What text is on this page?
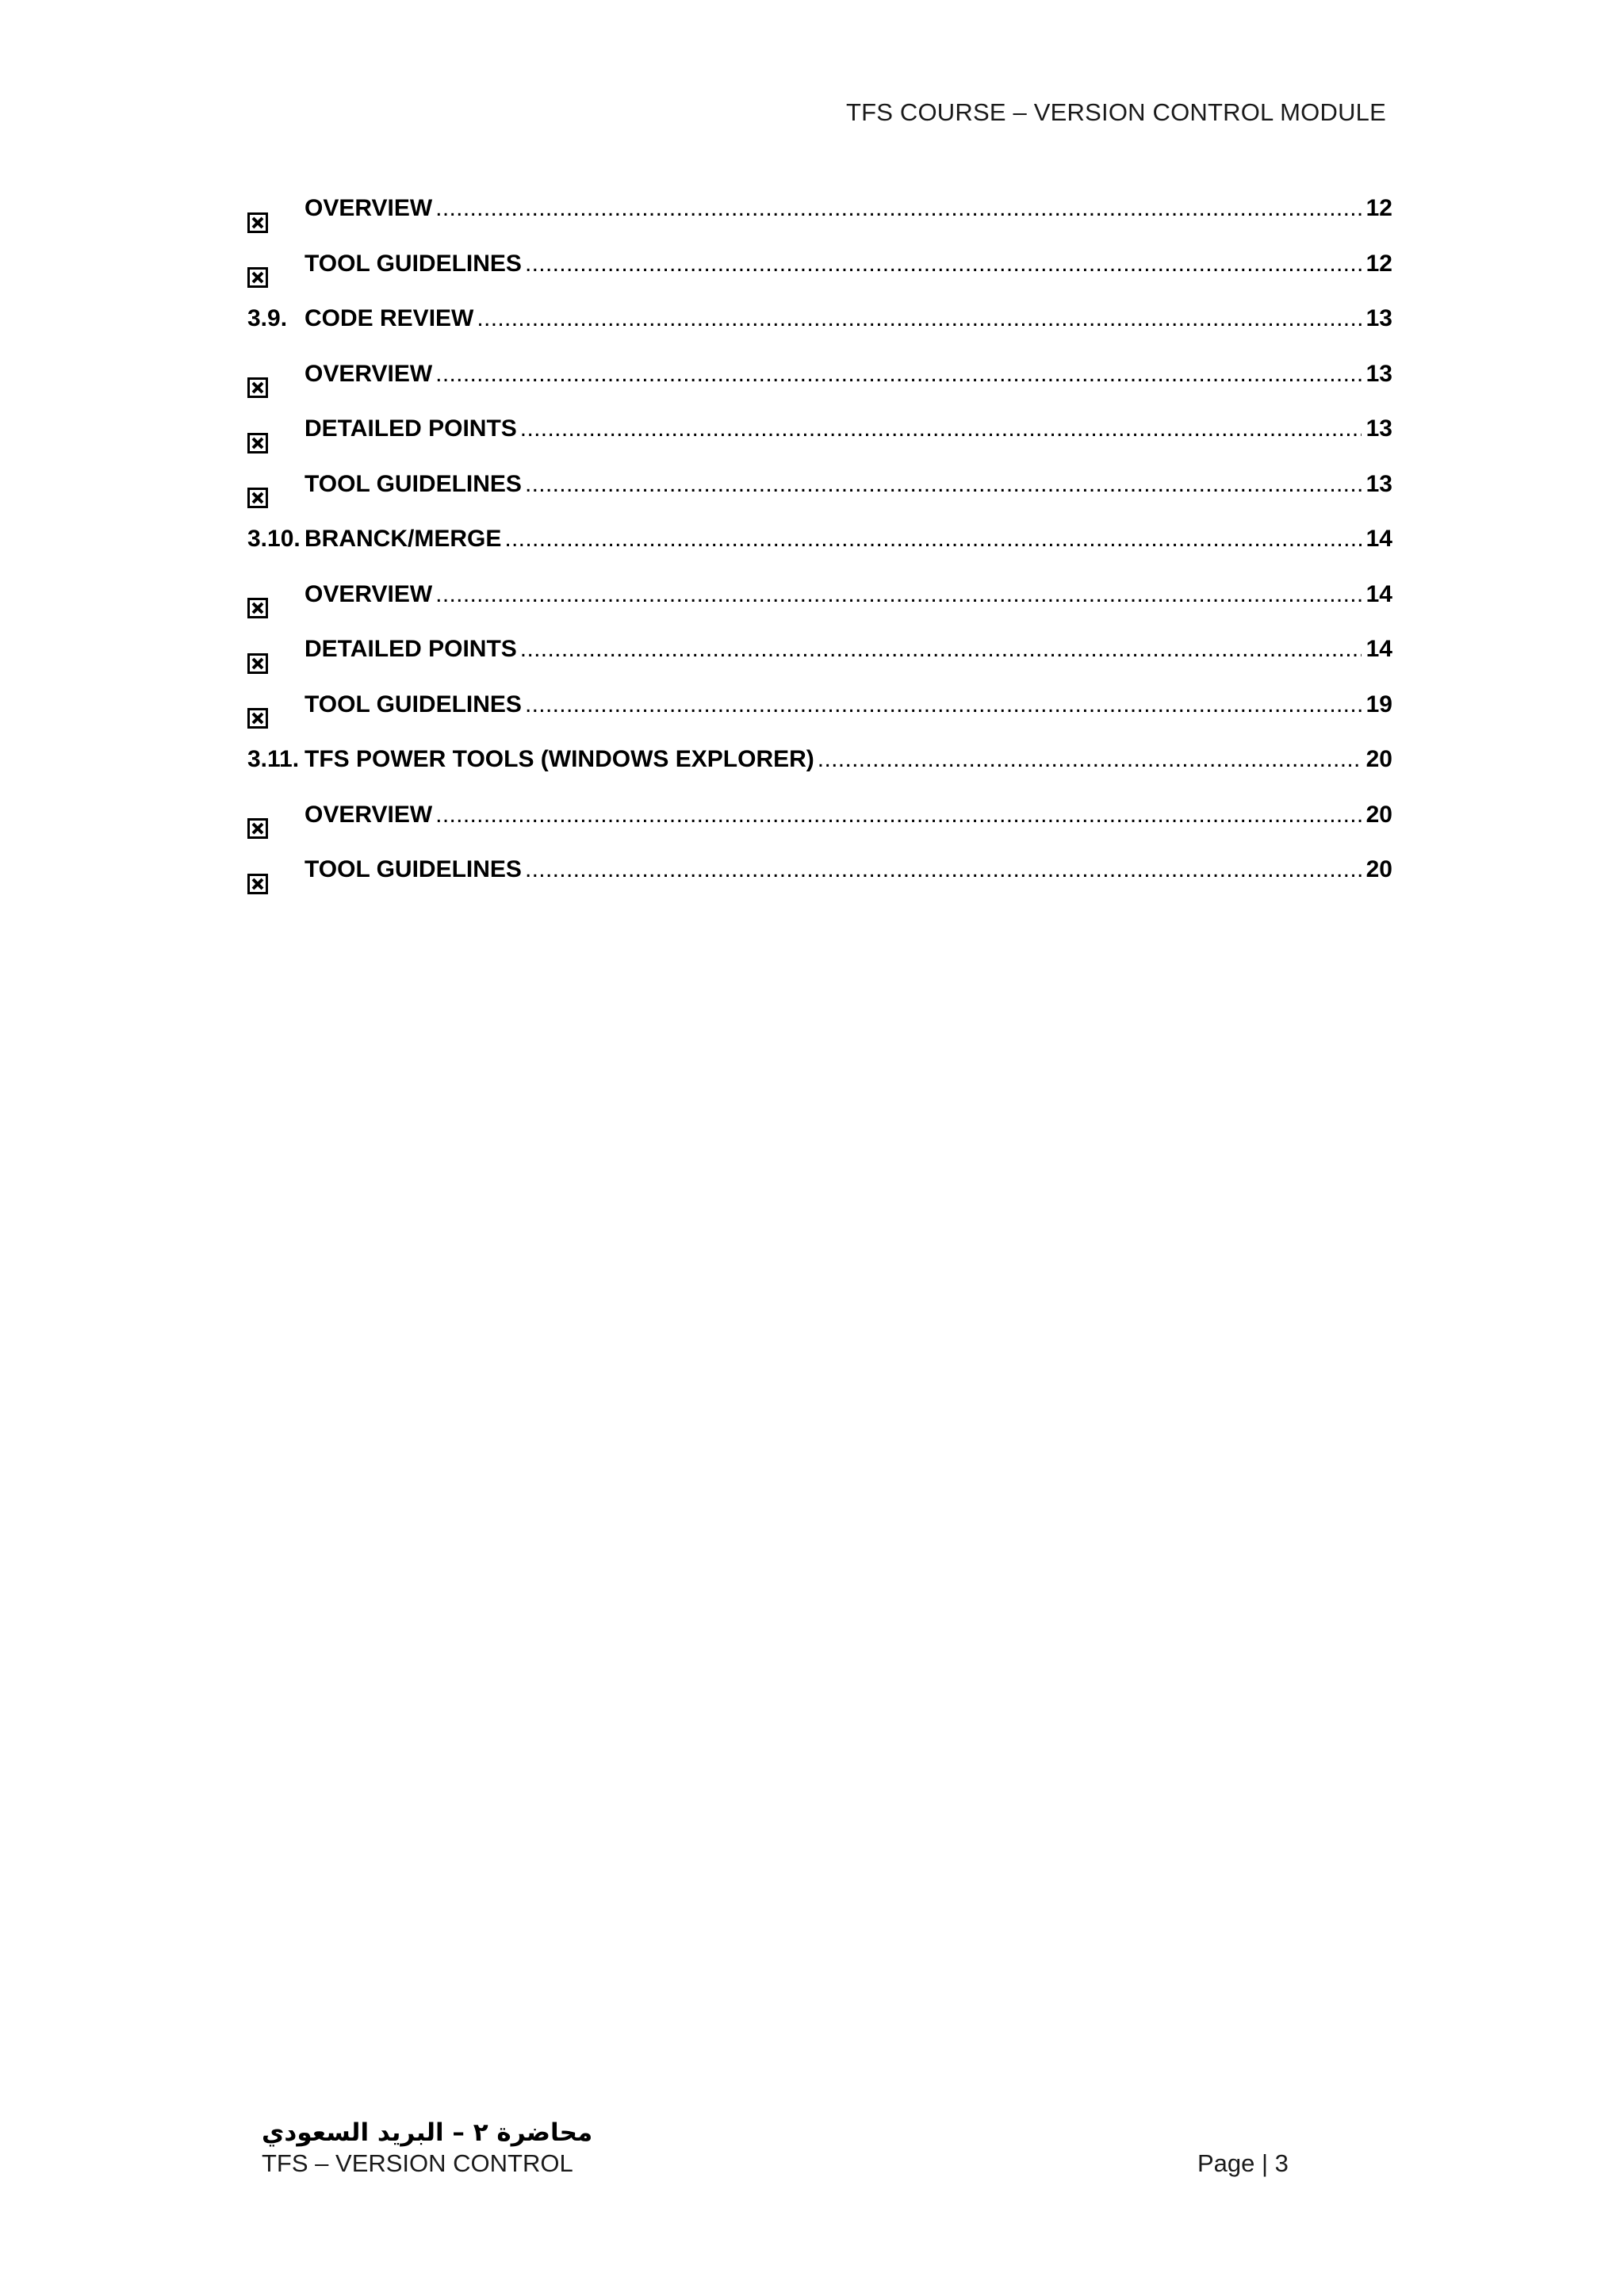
TFS COURSE – VERSION CONTROL MODULE
OVERVIEW . . .	12
TOOL GUIDELINES . . .	12
3.9. CODE REVIEW . . .	13
OVERVIEW . . .	13
DETAILED POINTS . . .	13
TOOL GUIDELINES . . .	13
3.10. BRANCK/MERGE . . .	14
OVERVIEW . . .	14
DETAILED POINTS . . .	14
TOOL GUIDELINES . . .	19
3.11. TFS POWER TOOLS (WINDOWS EXPLORER) . . .	20
OVERVIEW . . .	20
TOOL GUIDELINES . . .	20
محاضرة ٢ – البريد السعودي
TFS – VERSION CONTROL	Page | 3
